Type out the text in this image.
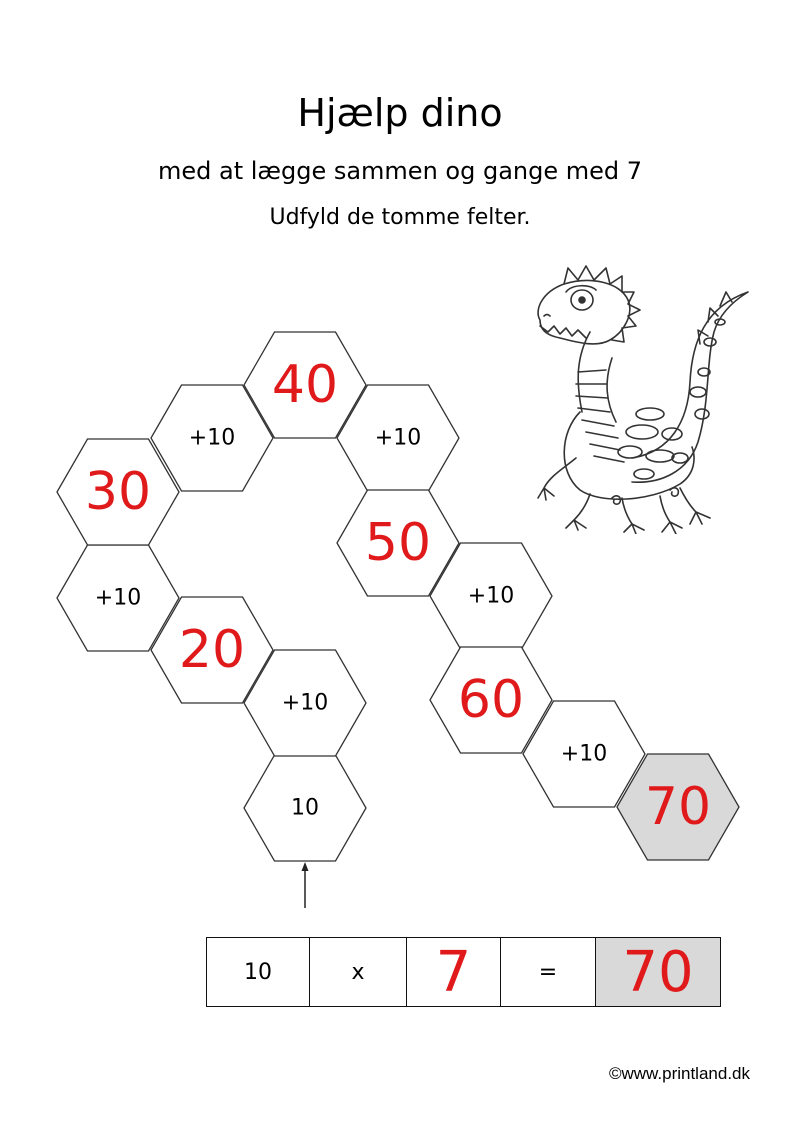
Hjælp dino
med at lægge sammen og gange med 7
Udfyld de tomme felter.
10
+10
20
+10
30
+10
40
+10
50
+10
60
+10
70
10	x	7	=	70
©www.printland.dk
